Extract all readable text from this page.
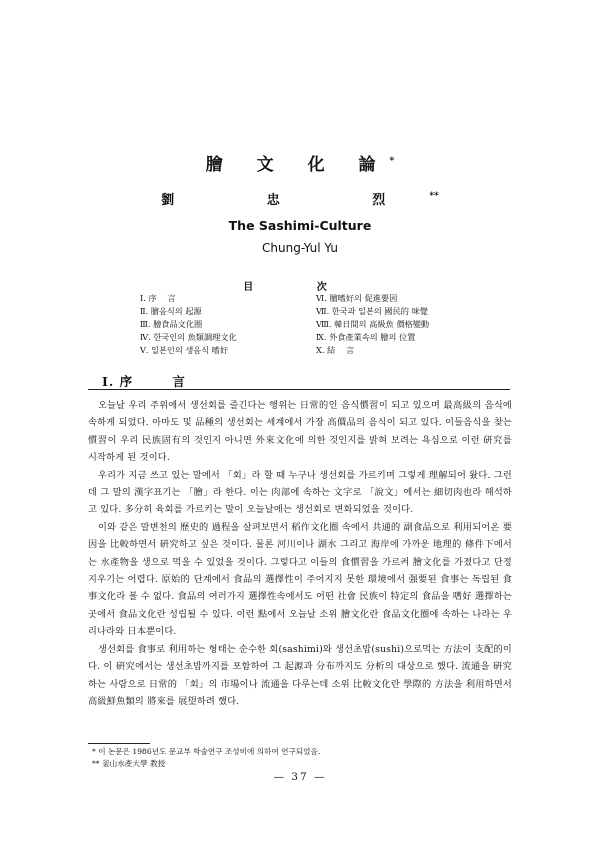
膾 文 化 論*
劉 忠 烈**
The Sashimi-Culture
Chung-Yul Yu
目 次
Ⅰ. 序　 言
Ⅱ. 膾음식의 起源
Ⅲ. 膾食品文化圈
Ⅳ. 한국인의 魚類調理文化
Ⅴ. 일본인의 생음식 嗜好
Ⅵ. 膾嗜好의 促進要因
Ⅶ. 한국과 일본의 國民的 味覺
Ⅷ. 韓日間의 高級魚 價格變動
Ⅸ. 外食產業속의 膾의 位置
Ⅹ. 結　 言
Ⅰ. 序 言

오늘날 우리 주위에서 생선회를 즐긴다는 행위는 日常的인 음식慣習이 되고 있으며 最高級의 음식에 속하게 되었다. 아마도 및 品種의 생선회는 세계에서 가장 高價品의 음식이 되고 있다. 이들음식을 찾는 慣習이 우리 民族固有의 것인지 아니면 外來文化에 의한 것인지를 밝혀 보려는 욕심으로 이런 硏究를 시작하게 된 것이다.

우리가 지금 쓰고 있는 말에서 「회」라 할 때 누구나 생선회를 가르키며 그렇게 理解되어 왔다. 그런데 그 말의 漢字표기는 「膾」라 한다. 이는 肉部에 속하는 文字로 「說文」에서는 細切肉也라 해석하고 있다. 多分히 육회를 가르키는 말이 오늘날에는 생선회로 변화되었을 것이다.

이와 같은 말변천의 歷史的 過程을 살펴보면서 稻作文化圈 속에서 共通的 副食品으로 利用되어온 要因을 比較하면서 硏究하고 싶은 것이다. 물론 河川이나 湖水 그리고 海岸에 가까운 地理的 條件下에서는 水產物을 생으로 먹을 수 있었을 것이다. 그렇다고 이들의 食慣習을 가르켜 膾文化를 가졌다고 단정지우기는 어렵다. 原始的 단계에서 食品의 選擇性이 주어지지 못한 環境에서 强要된 食事는 독립된 食事文化라 볼 수 없다. 食品의 여러가지 選擇性속에서도 어떤 社會 民族이 特定의 食品을 嗜好 選擇하는 곳에서 食品文化란 성립될 수 있다. 이런 點에서 오늘날 소위 膾文化란 食品文化圈에 속하는 나라는 우리나라와 日本뿐이다.

생선회를 食事로 利用하는 형태는 순수한 회(sashimi)와 생선초밥(sushi)으로먹는 方法이 支配的이다. 이 硏究에서는 생선초밥까지를 포함하여 그 起源과 分布까지도 分析의 대상으로 했다. 流通을 硏究하는 사람으로 日常的 「회」의 市場이나 流通을 다루는데 소위 比較文化란 學際的 方法을 利用하면서 高級鮮魚類의 將來를 展望하려 했다.

* 이 논문은 1986년도 문교부 학술연구 조성비에 의하여 연구되었음.
** 釜山水產大學 教授
— 37 —
